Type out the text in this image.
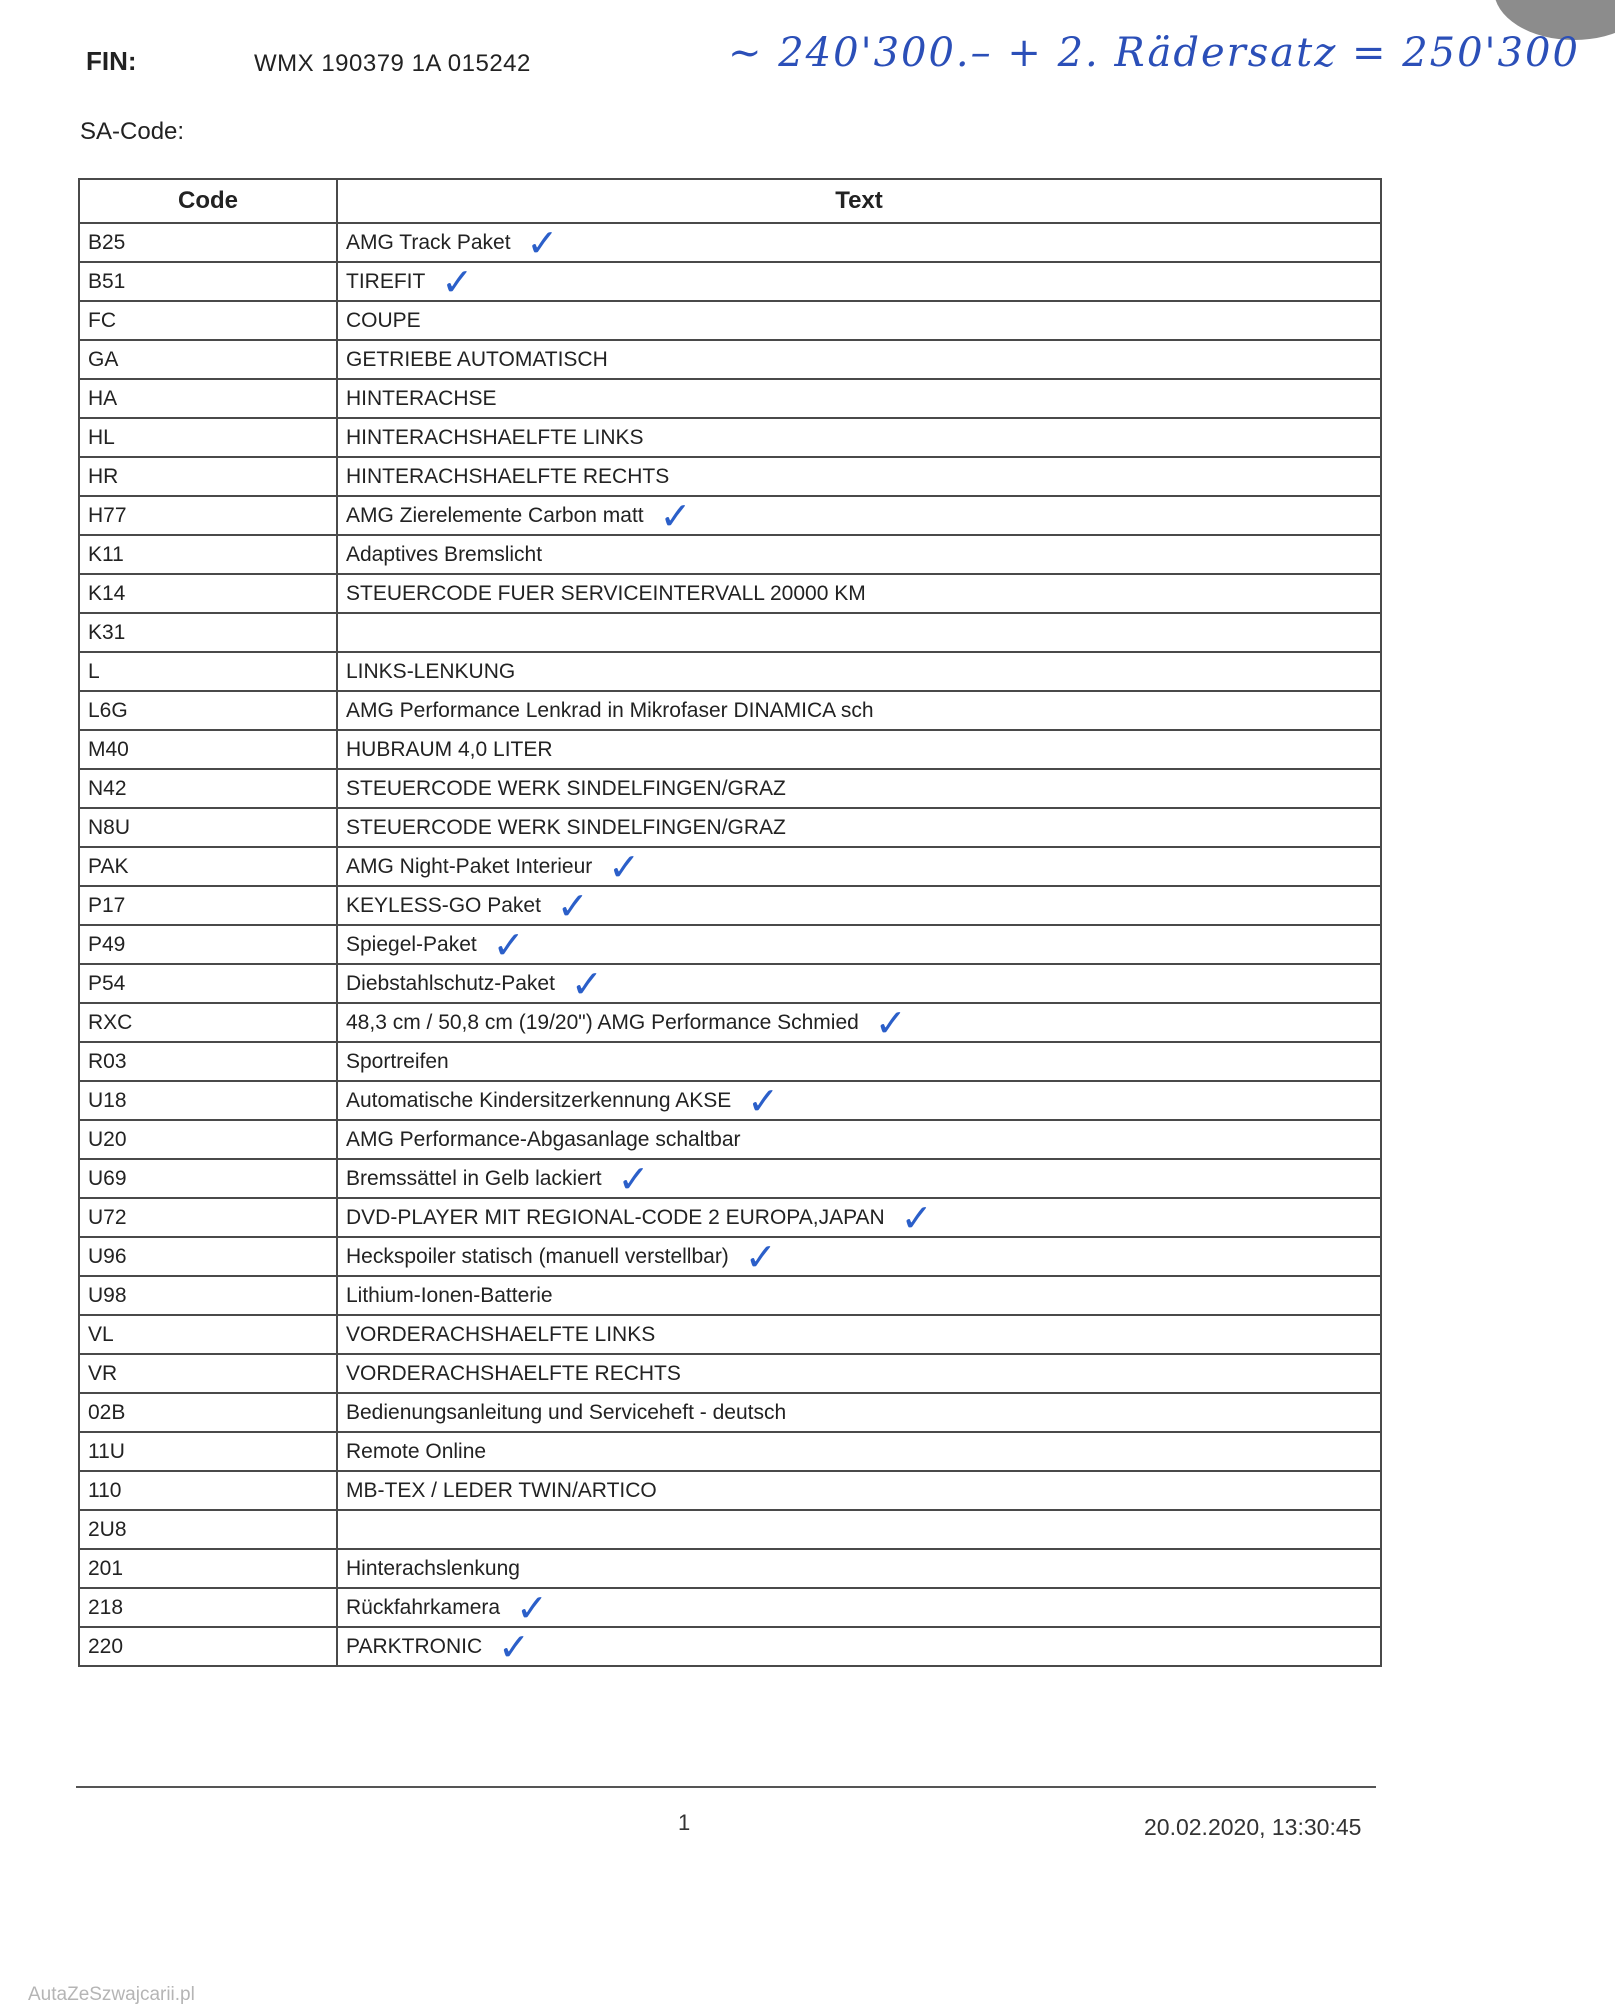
FIN:	WMX 190379 1A 015242	~ 240'300.– + 2. Rädersatz = 250'300
SA-Code:
Code	Text
B25	AMG Track Paket ✓
B51	TIREFIT ✓
FC	COUPE
GA	GETRIEBE AUTOMATISCH
HA	HINTERACHSE
HL	HINTERACHSHAELFTE LINKS
HR	HINTERACHSHAELFTE RECHTS
H77	AMG Zierelemente Carbon matt ✓
K11	Adaptives Bremslicht
K14	STEUERCODE FUER SERVICEINTERVALL 20000 KM
K31	
L	LINKS-LENKUNG
L6G	AMG Performance Lenkrad in Mikrofaser DINAMICA sch
M40	HUBRAUM 4,0 LITER
N42	STEUERCODE WERK SINDELFINGEN/GRAZ
N8U	STEUERCODE WERK SINDELFINGEN/GRAZ
PAK	AMG Night-Paket Interieur ✓
P17	KEYLESS-GO Paket ✓
P49	Spiegel-Paket ✓
P54	Diebstahlschutz-Paket ✓
RXC	48,3 cm / 50,8 cm (19/20") AMG Performance Schmied ✓
R03	Sportreifen
U18	Automatische Kindersitzerkennung AKSE ✓
U20	AMG Performance-Abgasanlage schaltbar
U69	Bremssättel in Gelb lackiert ✓
U72	DVD-PLAYER MIT REGIONAL-CODE 2 EUROPA,JAPAN ✓
U96	Heckspoiler statisch (manuell verstellbar) ✓
U98	Lithium-Ionen-Batterie
VL	VORDERACHSHAELFTE LINKS
VR	VORDERACHSHAELFTE RECHTS
02B	Bedienungsanleitung und Serviceheft - deutsch
11U	Remote Online
110	MB-TEX / LEDER TWIN/ARTICO
2U8	
201	Hinterachslenkung
218	Rückfahrkamera ✓
220	PARKTRONIC ✓
1	20.02.2020, 13:30:45
AutaZeSzwajcarii.pl
